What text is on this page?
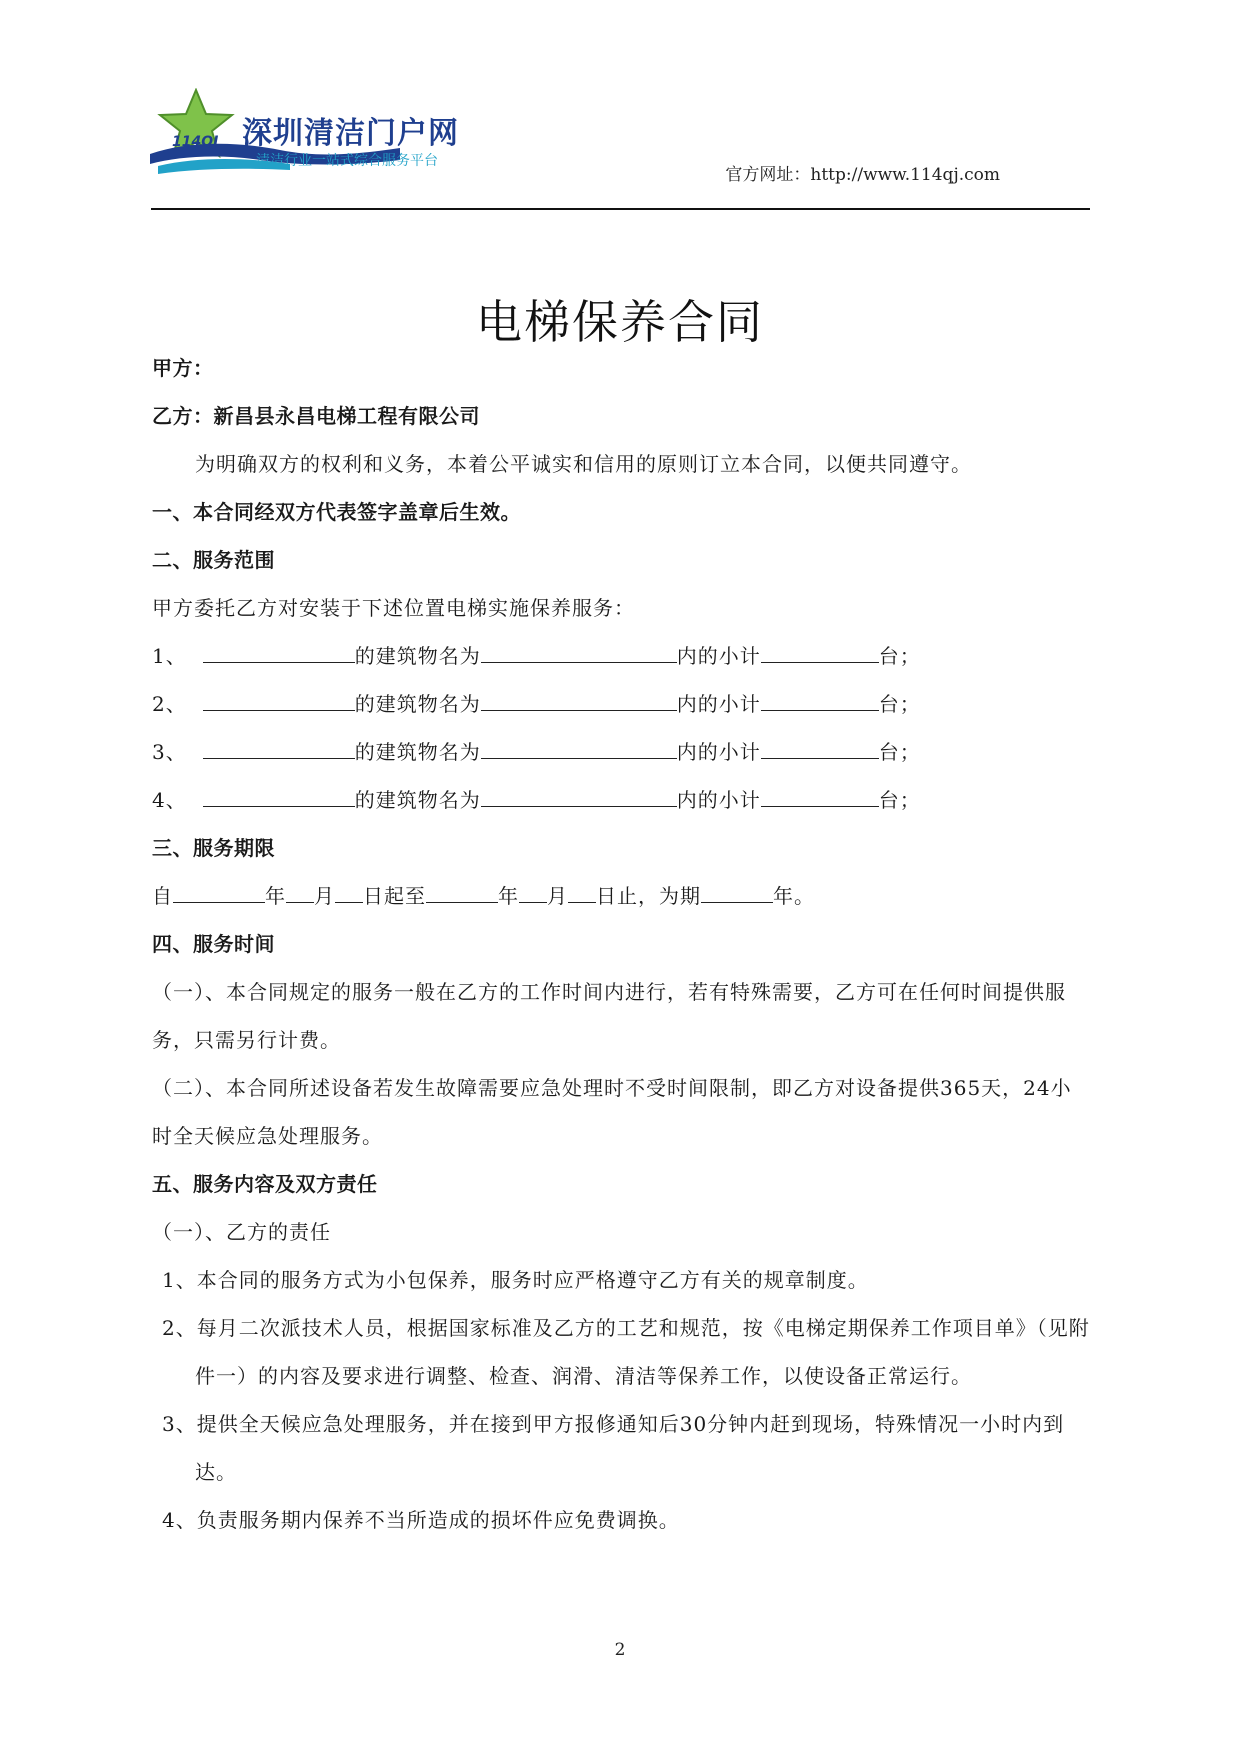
114QJ 深圳清洁门户网
清洁行业一站式综合服务平台
官方网址：http://www.114qj.com
电梯保养合同
甲方：
乙方：新昌县永昌电梯工程有限公司
为明确双方的权利和义务，本着公平诚实和信用的原则订立本合同，以便共同遵守。
一、本合同经双方代表签字盖章后生效。
二、服务范围
甲方委托乙方对安装于下述位置电梯实施保养服务：
1、	的建筑物名为	内的小计	台；
2、	的建筑物名为	内的小计	台；
3、	的建筑物名为	内的小计	台；
4、	的建筑物名为	内的小计	台；
三、服务期限
自	年 月 日起至	年 月 日止，为期	年。
四、服务时间
（一）、本合同规定的服务一般在乙方的工作时间内进行，若有特殊需要，乙方可在任何时间提供服
务，只需另行计费。
（二）、本合同所述设备若发生故障需要应急处理时不受时间限制，即乙方对设备提供365天，24小
时全天候应急处理服务。
五、服务内容及双方责任
（一）、乙方的责任
1、本合同的服务方式为小包保养，服务时应严格遵守乙方有关的规章制度。
2、每月二次派技术人员，根据国家标准及乙方的工艺和规范，按《电梯定期保养工作项目单》（见附
件一）的内容及要求进行调整、检查、润滑、清洁等保养工作，以使设备正常运行。
3、提供全天候应急处理服务，并在接到甲方报修通知后30分钟内赶到现场，特殊情况一小时内到
达。
4、负责服务期内保养不当所造成的损坏件应免费调换。
2
